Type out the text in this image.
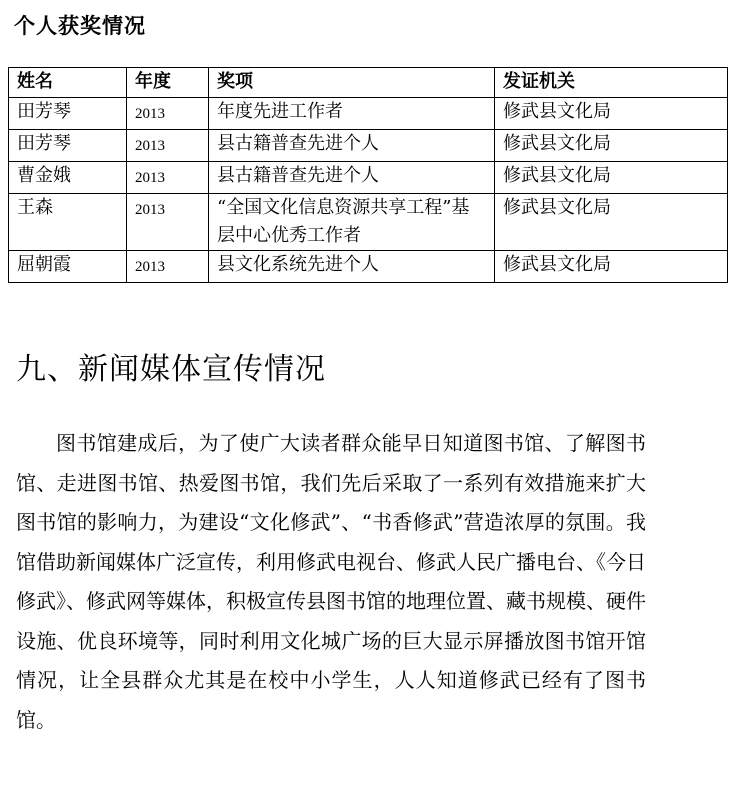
个人获奖情况
姓名	年度	奖项	发证机关
田芳琴	2013	年度先进工作者	修武县文化局
田芳琴	2013	县古籍普查先进个人	修武县文化局
曹金娥	2013	县古籍普查先进个人	修武县文化局
王森	2013	“全国文化信息资源共享工程”基层中心优秀工作者	修武县文化局
屈朝霞	2013	县文化系统先进个人	修武县文化局
九、新闻媒体宣传情况

图书馆建成后，为了使广大读者群众能早日知道图书馆、了解图书馆、走进图书馆、热爱图书馆，我们先后采取了一系列有效措施来扩大图书馆的影响力，为建设“文化修武”、“书香修武”营造浓厚的氛围。我馆借助新闻媒体广泛宣传，利用修武电视台、修武人民广播电台、《今日修武》、修武网等媒体，积极宣传县图书馆的地理位置、藏书规模、硬件设施、优良环境等，同时利用文化城广场的巨大显示屏播放图书馆开馆情况，让全县群众尤其是在校中小学生，人人知道修武已经有了图书馆。
